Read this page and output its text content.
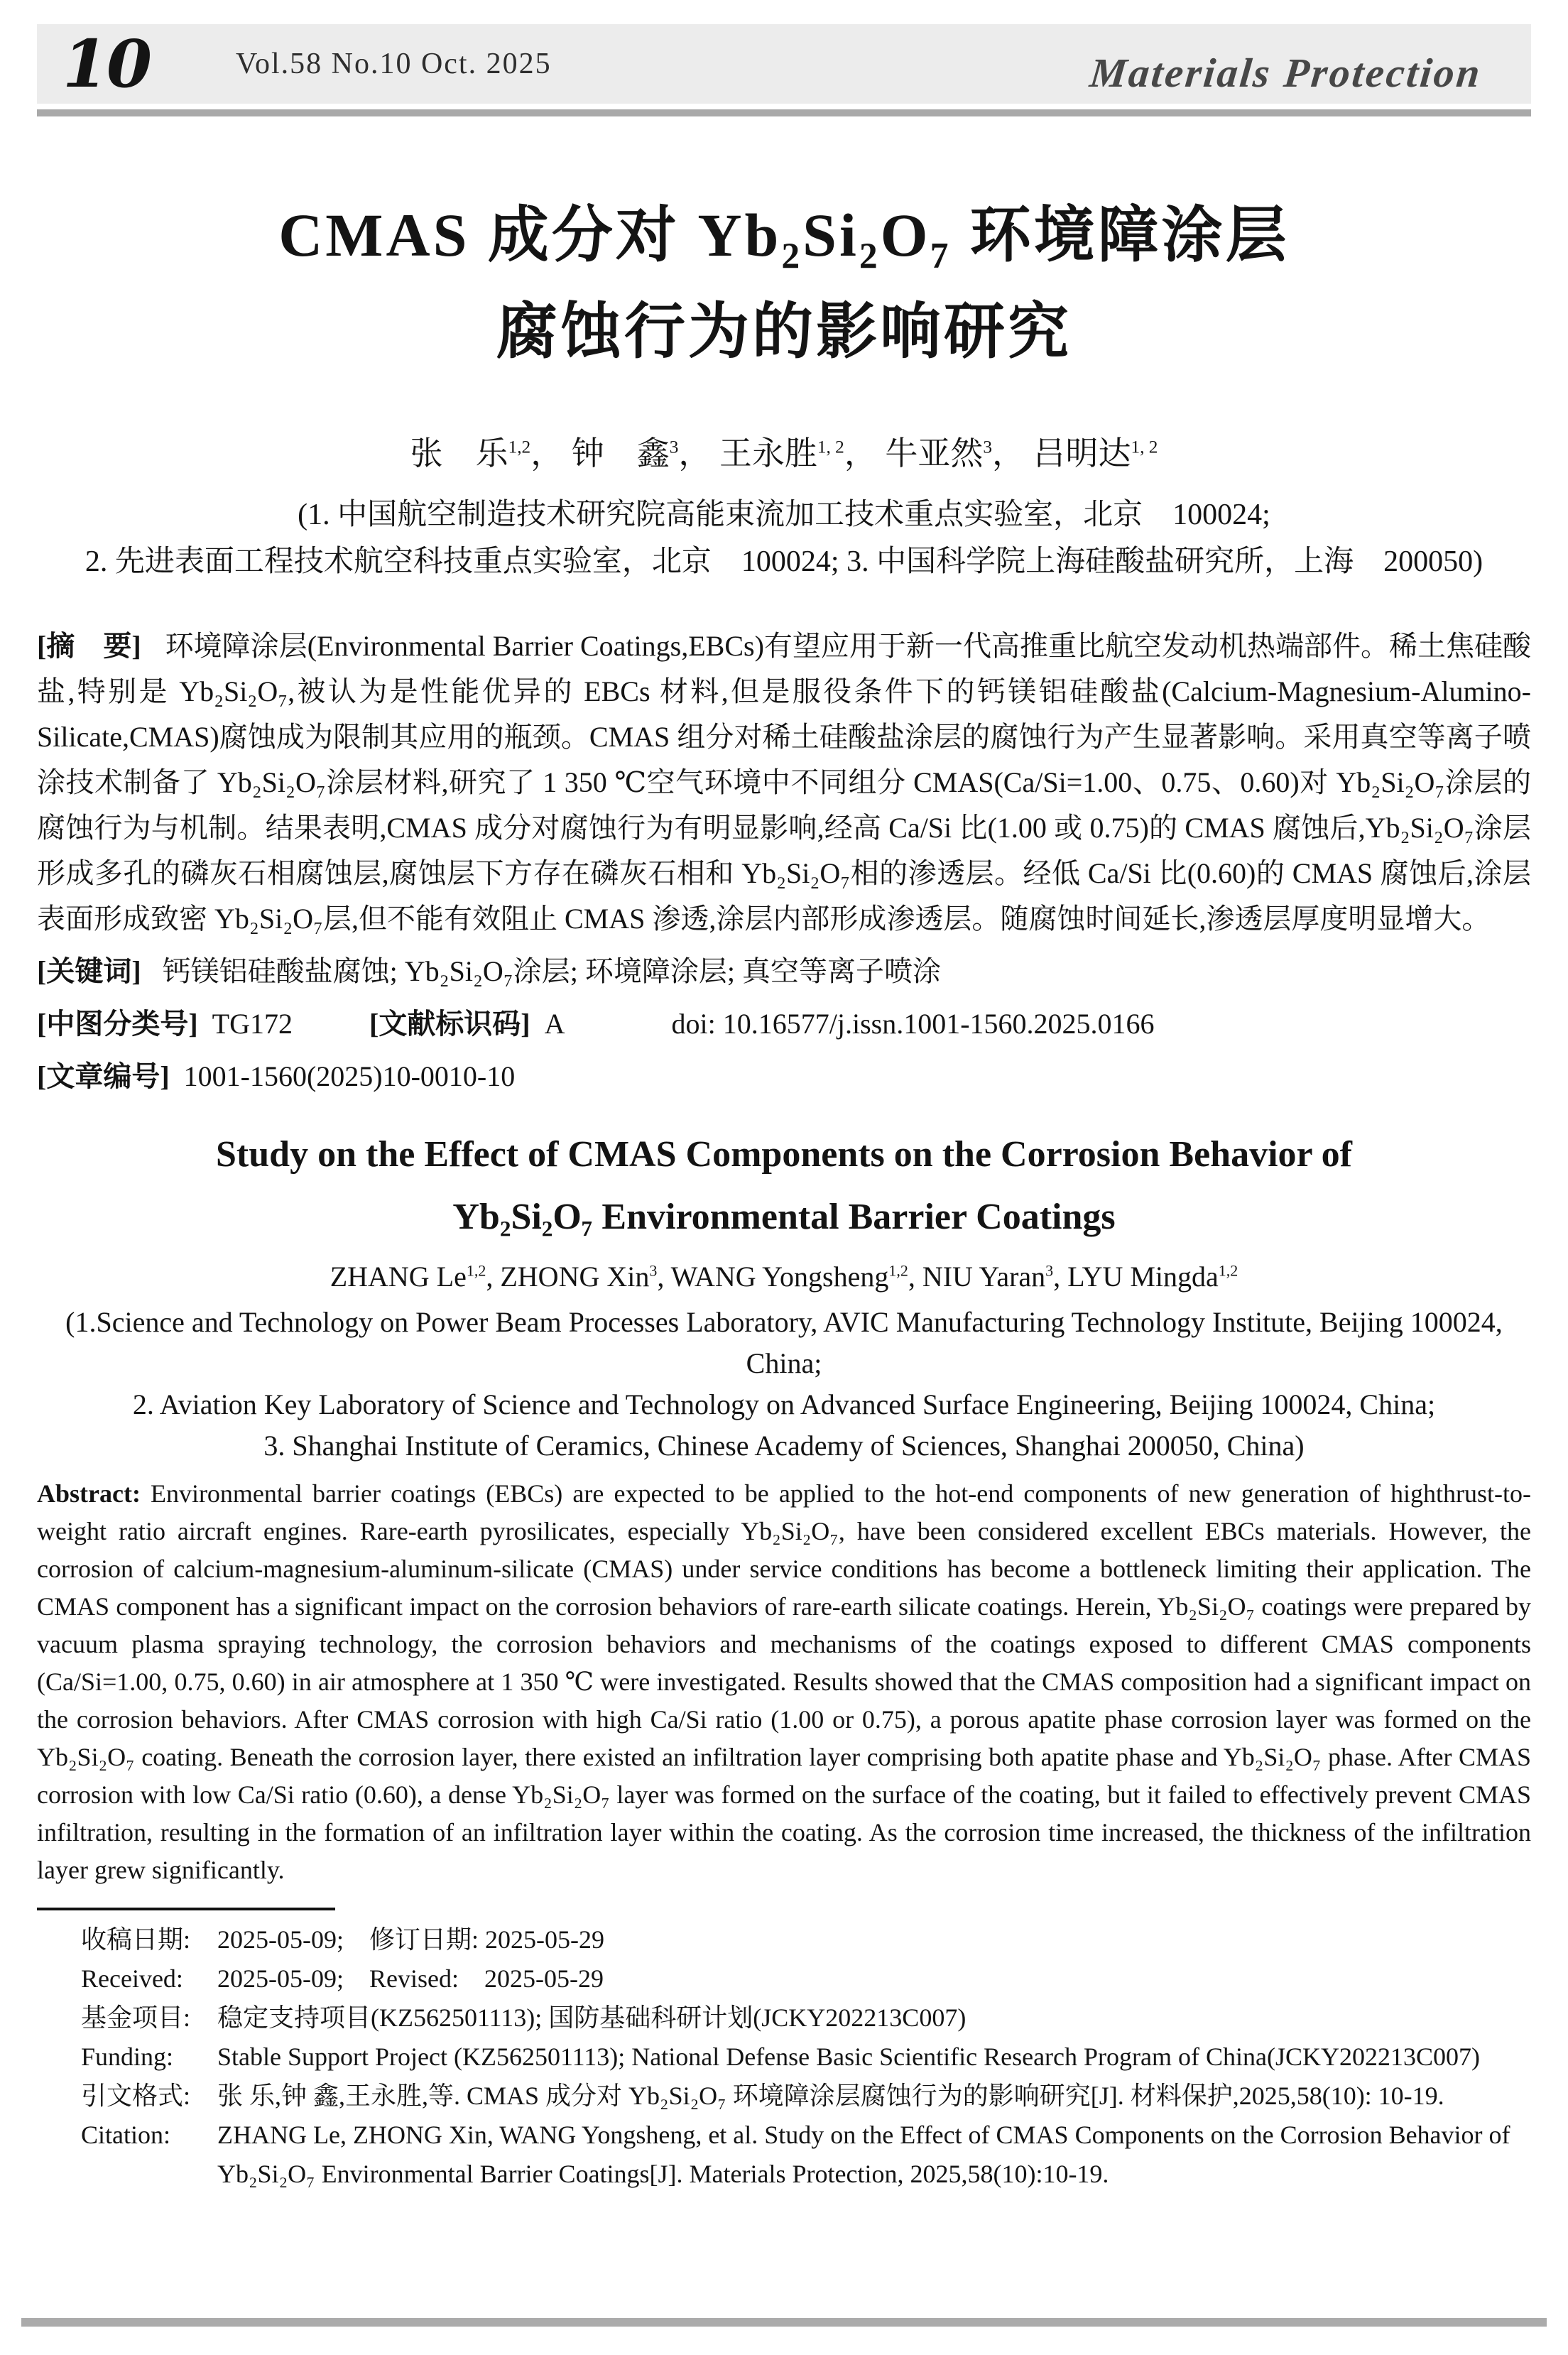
10	Vol.58 No.10 Oct. 2025	Materials Protection
CMAS 成分对 Yb₂Si₂O₇ 环境障涂层
腐蚀行为的影响研究
张　乐$^{1,2}$， 钟　鑫$^3$， 王永胜$^{1, 2}$， 牛亚然$^3$， 吕明达$^{1, 2}$
(1. 中国航空制造技术研究院高能束流加工技术重点实验室，北京　100024;
2. 先进表面工程技术航空科技重点实验室，北京　100024; 3. 中国科学院上海硅酸盐研究所，上海　200050)

[摘　要] 环境障涂层(Environmental Barrier Coatings,EBCs)有望应用于新一代高推重比航空发动机热端部件。稀土焦硅酸盐,特别是 Yb₂Si₂O₇,被认为是性能优异的 EBCs 材料,但是服役条件下的钙镁铝硅酸盐(Calcium-Magnesium-Alumino-Silicate,CMAS)腐蚀成为限制其应用的瓶颈。CMAS 组分对稀土硅酸盐涂层的腐蚀行为产生显著影响。采用真空等离子喷涂技术制备了 Yb₂Si₂O₇涂层材料,研究了 1 350 ℃空气环境中不同组分 CMAS(Ca/Si=1.00、0.75、0.60)对 Yb₂Si₂O₇涂层的腐蚀行为与机制。结果表明,CMAS 成分对腐蚀行为有明显影响,经高 Ca/Si 比(1.00 或 0.75)的 CMAS 腐蚀后,Yb₂Si₂O₇涂层形成多孔的磷灰石相腐蚀层,腐蚀层下方存在磷灰石相和 Yb₂Si₂O₇相的渗透层。经低 Ca/Si 比(0.60)的 CMAS 腐蚀后,涂层表面形成致密 Yb₂Si₂O₇层,但不能有效阻止 CMAS 渗透,涂层内部形成渗透层。随腐蚀时间延长,渗透层厚度明显增大。

[关键词] 钙镁铝硅酸盐腐蚀; Yb₂Si₂O₇涂层; 环境障涂层; 真空等离子喷涂

[中图分类号] TG172	[文献标识码] A	doi: 10.16577/j.issn.1001-1560.2025.0166

[文章编号] 1001-1560(2025)10-0010-10

Study on the Effect of CMAS Components on the Corrosion Behavior of
Yb₂Si₂O₇ Environmental Barrier Coatings
ZHANG Le$^{1,2}$, ZHONG Xin$^3$, WANG Yongsheng$^{1,2}$, NIU Yaran$^3$, LYU Mingda$^{1,2}$
(1.Science and Technology on Power Beam Processes Laboratory, AVIC Manufacturing Technology Institute, Beijing 100024, China;
2. Aviation Key Laboratory of Science and Technology on Advanced Surface Engineering, Beijing 100024, China;
3. Shanghai Institute of Ceramics, Chinese Academy of Sciences, Shanghai 200050, China)

Abstract: Environmental barrier coatings (EBCs) are expected to be applied to the hot-end components of new generation of highthrust-to-weight ratio aircraft engines. Rare-earth pyrosilicates, especially Yb₂Si₂O₇, have been considered excellent EBCs materials. However, the corrosion of calcium-magnesium-aluminum-silicate (CMAS) under service conditions has become a bottleneck limiting their application. The CMAS component has a significant impact on the corrosion behaviors of rare-earth silicate coatings. Herein, Yb₂Si₂O₇ coatings were prepared by vacuum plasma spraying technology, the corrosion behaviors and mechanisms of the coatings exposed to different CMAS components (Ca/Si=1.00, 0.75, 0.60) in air atmosphere at 1 350 ℃ were investigated. Results showed that the CMAS composition had a significant impact on the corrosion behaviors. After CMAS corrosion with high Ca/Si ratio (1.00 or 0.75), a porous apatite phase corrosion layer was formed on the Yb₂Si₂O₇ coating. Beneath the corrosion layer, there existed an infiltration layer comprising both apatite phase and Yb₂Si₂O₇ phase. After CMAS corrosion with low Ca/Si ratio (0.60), a dense Yb₂Si₂O₇ layer was formed on the surface of the coating, but it failed to effectively prevent CMAS infiltration, resulting in the formation of an infiltration layer within the coating. As the corrosion time increased, the thickness of the infiltration layer grew significantly.

收稿日期:	2025-05-09;　修订日期: 2025-05-29
Received:	2025-05-09;　Revised:　2025-05-29
基金项目:	稳定支持项目(KZ562501113); 国防基础科研计划(JCKY202213C007)
Funding:	Stable Support Project (KZ562501113); National Defense Basic Scientific Research Program of China(JCKY202213C007)
引文格式:	张 乐,钟 鑫,王永胜,等. CMAS 成分对 Yb₂Si₂O₇ 环境障涂层腐蚀行为的影响研究[J]. 材料保护,2025,58(10): 10-19.
Citation:	ZHANG Le, ZHONG Xin, WANG Yongsheng, et al. Study on the Effect of CMAS Components on the Corrosion Behavior of Yb₂Si₂O₇ Environmental Barrier Coatings[J]. Materials Protection, 2025,58(10):10-19.
